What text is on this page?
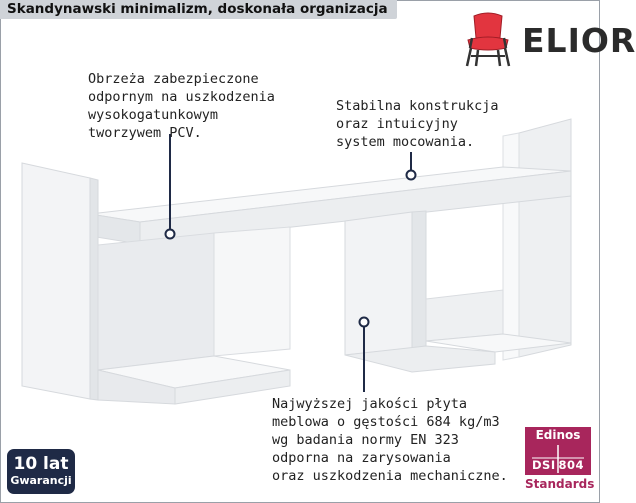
Skandynawski minimalizm, doskonała organizacja
ELIOR

Obrzeża zabezpieczone

odpornym na uszkodzenia

wysokogatunkowym

tworzywem PCV.

Stabilna konstrukcja

oraz intuicyjny

system mocowania.

Najwyższej jakości płyta

meblowa o gęstości 684 kg/m3

wg badania normy EN 323

odporna na zarysowania

oraz uszkodzenia mechaniczne.

10 lat
Gwarancji
Edinos
DSI 804
Standards
